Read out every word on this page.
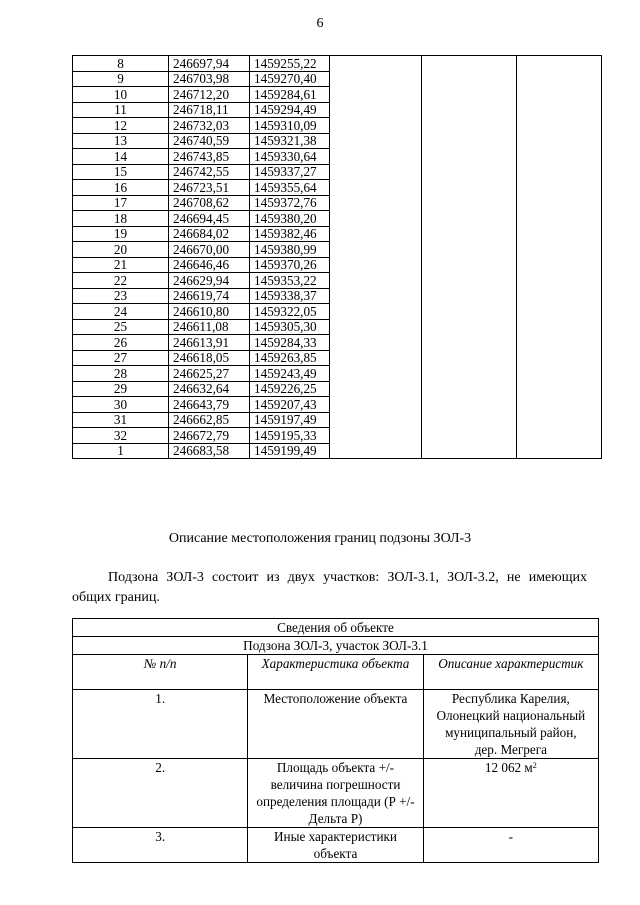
6
8	246697,94	1459255,22			
9	246703,98	1459270,40			
10	246712,20	1459284,61			
11	246718,11	1459294,49			
12	246732,03	1459310,09			
13	246740,59	1459321,38			
14	246743,85	1459330,64			
15	246742,55	1459337,27			
16	246723,51	1459355,64			
17	246708,62	1459372,76			
18	246694,45	1459380,20			
19	246684,02	1459382,46			
20	246670,00	1459380,99			
21	246646,46	1459370,26			
22	246629,94	1459353,22			
23	246619,74	1459338,37			
24	246610,80	1459322,05			
25	246611,08	1459305,30			
26	246613,91	1459284,33			
27	246618,05	1459263,85			
28	246625,27	1459243,49			
29	246632,64	1459226,25			
30	246643,79	1459207,43			
31	246662,85	1459197,49			
32	246672,79	1459195,33			
1	246683,58	1459199,49			
Описание местоположения границ подзоны ЗОЛ-3
Подзона ЗОЛ-3 состоит из двух участков: ЗОЛ-3.1, ЗОЛ-3.2, не имеющих общих границ.
Сведения об объекте		
Подзона ЗОЛ-3, участок ЗОЛ-3.1		
№ п/п	Характеристика объекта	Описание характеристик
1.	Местоположение объекта	Республика Карелия, Олонецкий национальный муниципальный район, дер. Мегрега
2.	Площадь объекта +/- величина погрешности определения площади (Р +/- Дельта Р)	12 062 $м^2$
3.	Иные характеристики объекта	-
